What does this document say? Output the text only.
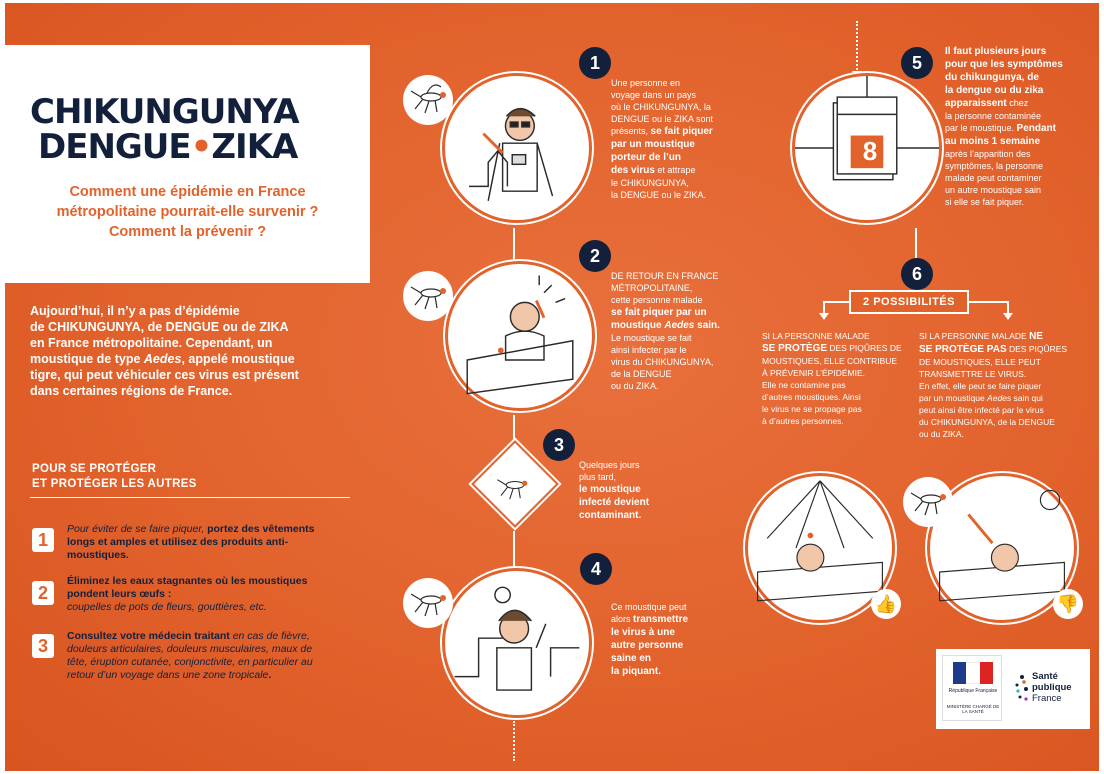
CHIKUNGUNYA
DENGUE•ZIKA
Comment une épidémie en France
métropolitaine pourrait-elle survenir ?
Comment la prévenir ?
Aujourd’hui, il n’y a pas d’épidémie
de CHIKUNGUNYA, de DENGUE ou de ZIKA
en France métropolitaine. Cependant, un
moustique de type Aedes, appelé moustique
tigre, qui peut véhiculer ces virus est présent
dans certaines régions de France.
POUR SE PROTÉGER
ET PROTÉGER LES AUTRES
1
Pour éviter de se faire piquer, portez des vêtements longs et amples et utilisez des produits anti-moustiques.
2
Éliminez les eaux stagnantes où les moustiques pondent leurs œufs :
coupelles de pots de fleurs, gouttières, etc.
3	Consultez votre médecin traitant en cas de fièvre, douleurs articulaires, douleurs musculaires, maux de tête, éruption cutanée, conjonctivite, en particulier au retour d’un voyage dans une zone tropicale.
1
Une personne en
voyage dans un pays
où le CHIKUNGUNYA, la
DENGUE ou le ZIKA sont
présents, se fait piquer
par un moustique
porteur de l’un
des virus et attrape
le CHIKUNGUNYA,
la DENGUE ou le ZIKA.
2
DE RETOUR EN FRANCE
MÉTROPOLITAINE,
cette personne malade
se fait piquer par un
moustique Aedes sain.
Le moustique se fait
ainsi infecter par le
virus du CHIKUNGUNYA,
de la DENGUE
ou du ZIKA.
3
Quelques jours
plus tard,
le moustique
infecté devient
contaminant.
4
Ce moustique peut
alors transmettre
le virus à une
autre personne
saine en
la piquant.
8
5
Il faut plusieurs jours
pour que les symptômes
du chikungunya, de
la dengue ou du zika
apparaissent chez
la personne contaminée
par le moustique. Pendant
au moins 1 semaine
après l’apparition des
symptômes, la personne
malade peut contaminer
un autre moustique sain
si elle se fait piquer.
6
2 POSSIBILITÉS
SI LA PERSONNE MALADE
SE PROTÈGE DES PIQÛRES DE
MOUSTIQUES, ELLE CONTRIBUE
À PRÉVENIR L’ÉPIDÉMIE.
Elle ne contamine pas
d’autres moustiques. Ainsi
le virus ne se propage pas
à d’autres personnes.
SI LA PERSONNE MALADE NE
SE PROTÈGE PAS DES PIQÛRES
DE MOUSTIQUES, ELLE PEUT
TRANSMETTRE LE VIRUS.
En effet, elle peut se faire piquer
par un moustique Aedes sain qui
peut ainsi être infecté par le virus
du CHIKUNGUNYA, de la DENGUE
ou du ZIKA.
👍	👎
République Française
MINISTÈRE CHARGÉ DE LA SANTÉ
Santé
publique
France
